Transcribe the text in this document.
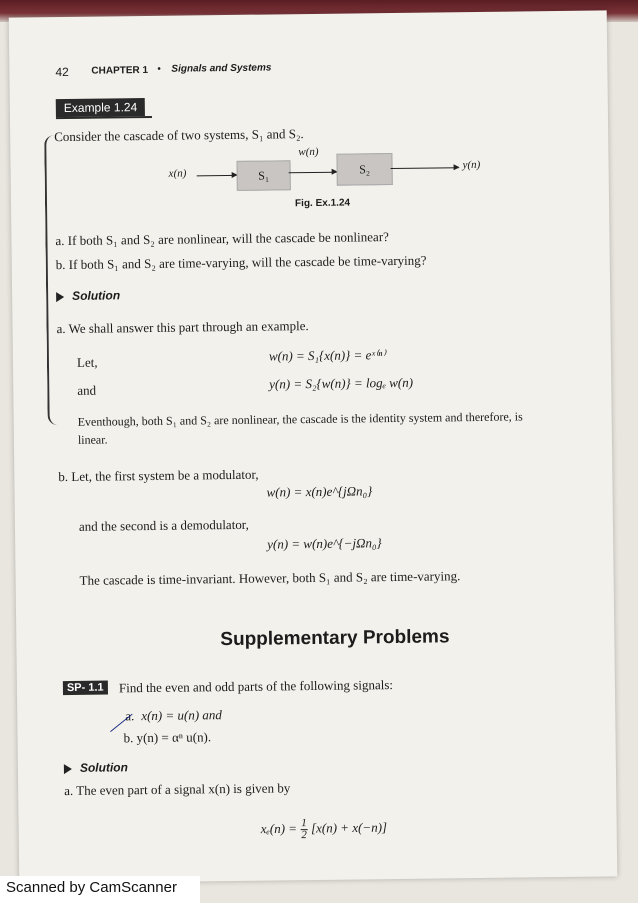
42 CHAPTER 1 • Signals and Systems
Example 1.24
Consider the cascade of two systems, S₁ and S₂.
x(n)	S₁
w(n)
S₂	y(n)
Fig. Ex.1.24
a. If both S₁ and S₂ are nonlinear, will the cascade be nonlinear?
b. If both S₁ and S₂ are time-varying, will the cascade be time-varying?
Solution
a. We shall answer this part through an example.
Let,	w(n) = S₁{x(n)} = eˣ⁽ⁿ⁾
and	y(n) = S₂{w(n)} = logₑ w(n)
Eventhough, both S₁ and S₂ are nonlinear, the cascade is the identity system and therefore, is
linear.
b. Let, the first system be a modulator,
w(n) = x(n)e^{jΩn₀}
and the second is a demodulator,
y(n) = w(n)e^{−jΩn₀}
The cascade is time-invariant. However, both S₁ and S₂ are time-varying.
Supplementary Problems
SP- 1.1	Find the even and odd parts of the following signals:
a. x(n) = u(n) and
b. y(n) = αⁿ u(n).
Solution
a. The even part of a signal x(n) is given by
$x_e(n) = \frac{1}{2} [x(n) + x(-n)]$
Scanned by CamScanner
